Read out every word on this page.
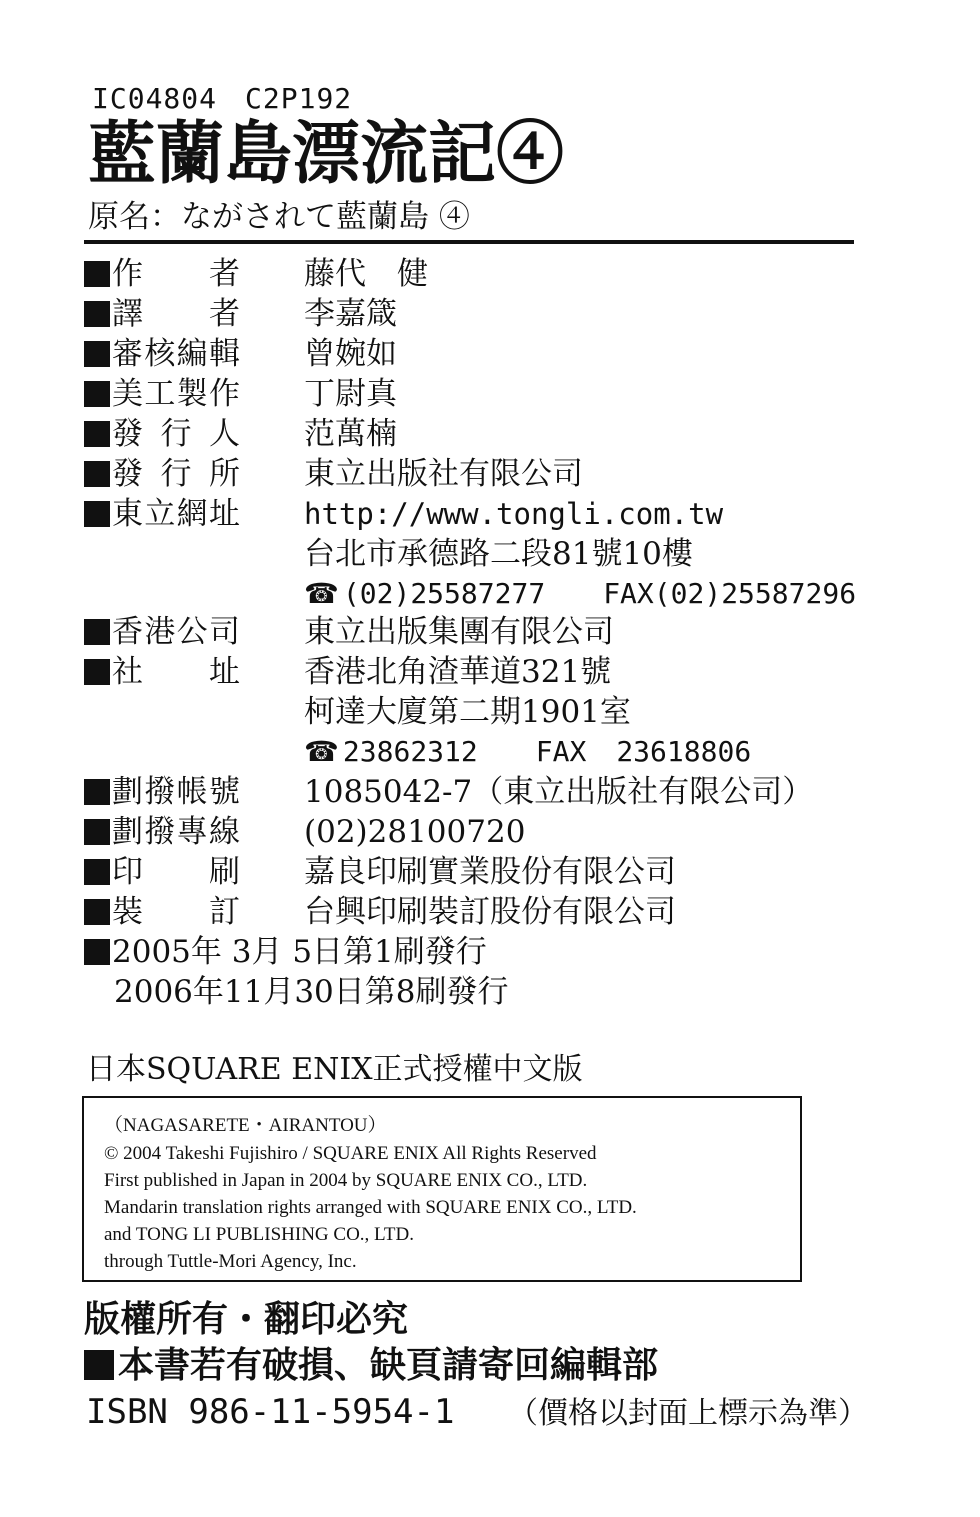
IC04804 C2P192
藍蘭島漂流記④
原名：ながされて藍蘭島 ④
作　　者 藤代　健
譯　　者 李嘉箴
審核編輯 曾婉如
美工製作 丁尉真
發 行 人 范萬楠
發 行 所 東立出版社有限公司
東立網址 http://www.tongli.com.tw
台北市承德路二段81號10樓
☎ (02)25587277 FAX(02)25587296
香港公司 東立出版集團有限公司
社　　址 香港北角渣華道321號
柯達大廈第二期1901室
☎ 23862312 FAX 23618806
劃撥帳號 1085042-7（東立出版社有限公司）
劃撥專線 (02)28100720
印　　刷 嘉良印刷實業股份有限公司
裝　　訂 台興印刷裝訂股份有限公司
2005年 3月 5日第1刷發行
2006年11月30日第8刷發行
日本SQUARE ENIX正式授權中文版
（NAGASARETE・AIRANTOU）
© 2004 Takeshi Fujishiro / SQUARE ENIX All Rights Reserved
First published in Japan in 2004 by SQUARE ENIX CO., LTD.
Mandarin translation rights arranged with SQUARE ENIX CO., LTD.
and TONG LI PUBLISHING CO., LTD.
through Tuttle-Mori Agency, Inc.
版權所有・翻印必究
本書若有破損、缺頁請寄回編輯部
ISBN 986-11-5954-1 （價格以封面上標示為準）
